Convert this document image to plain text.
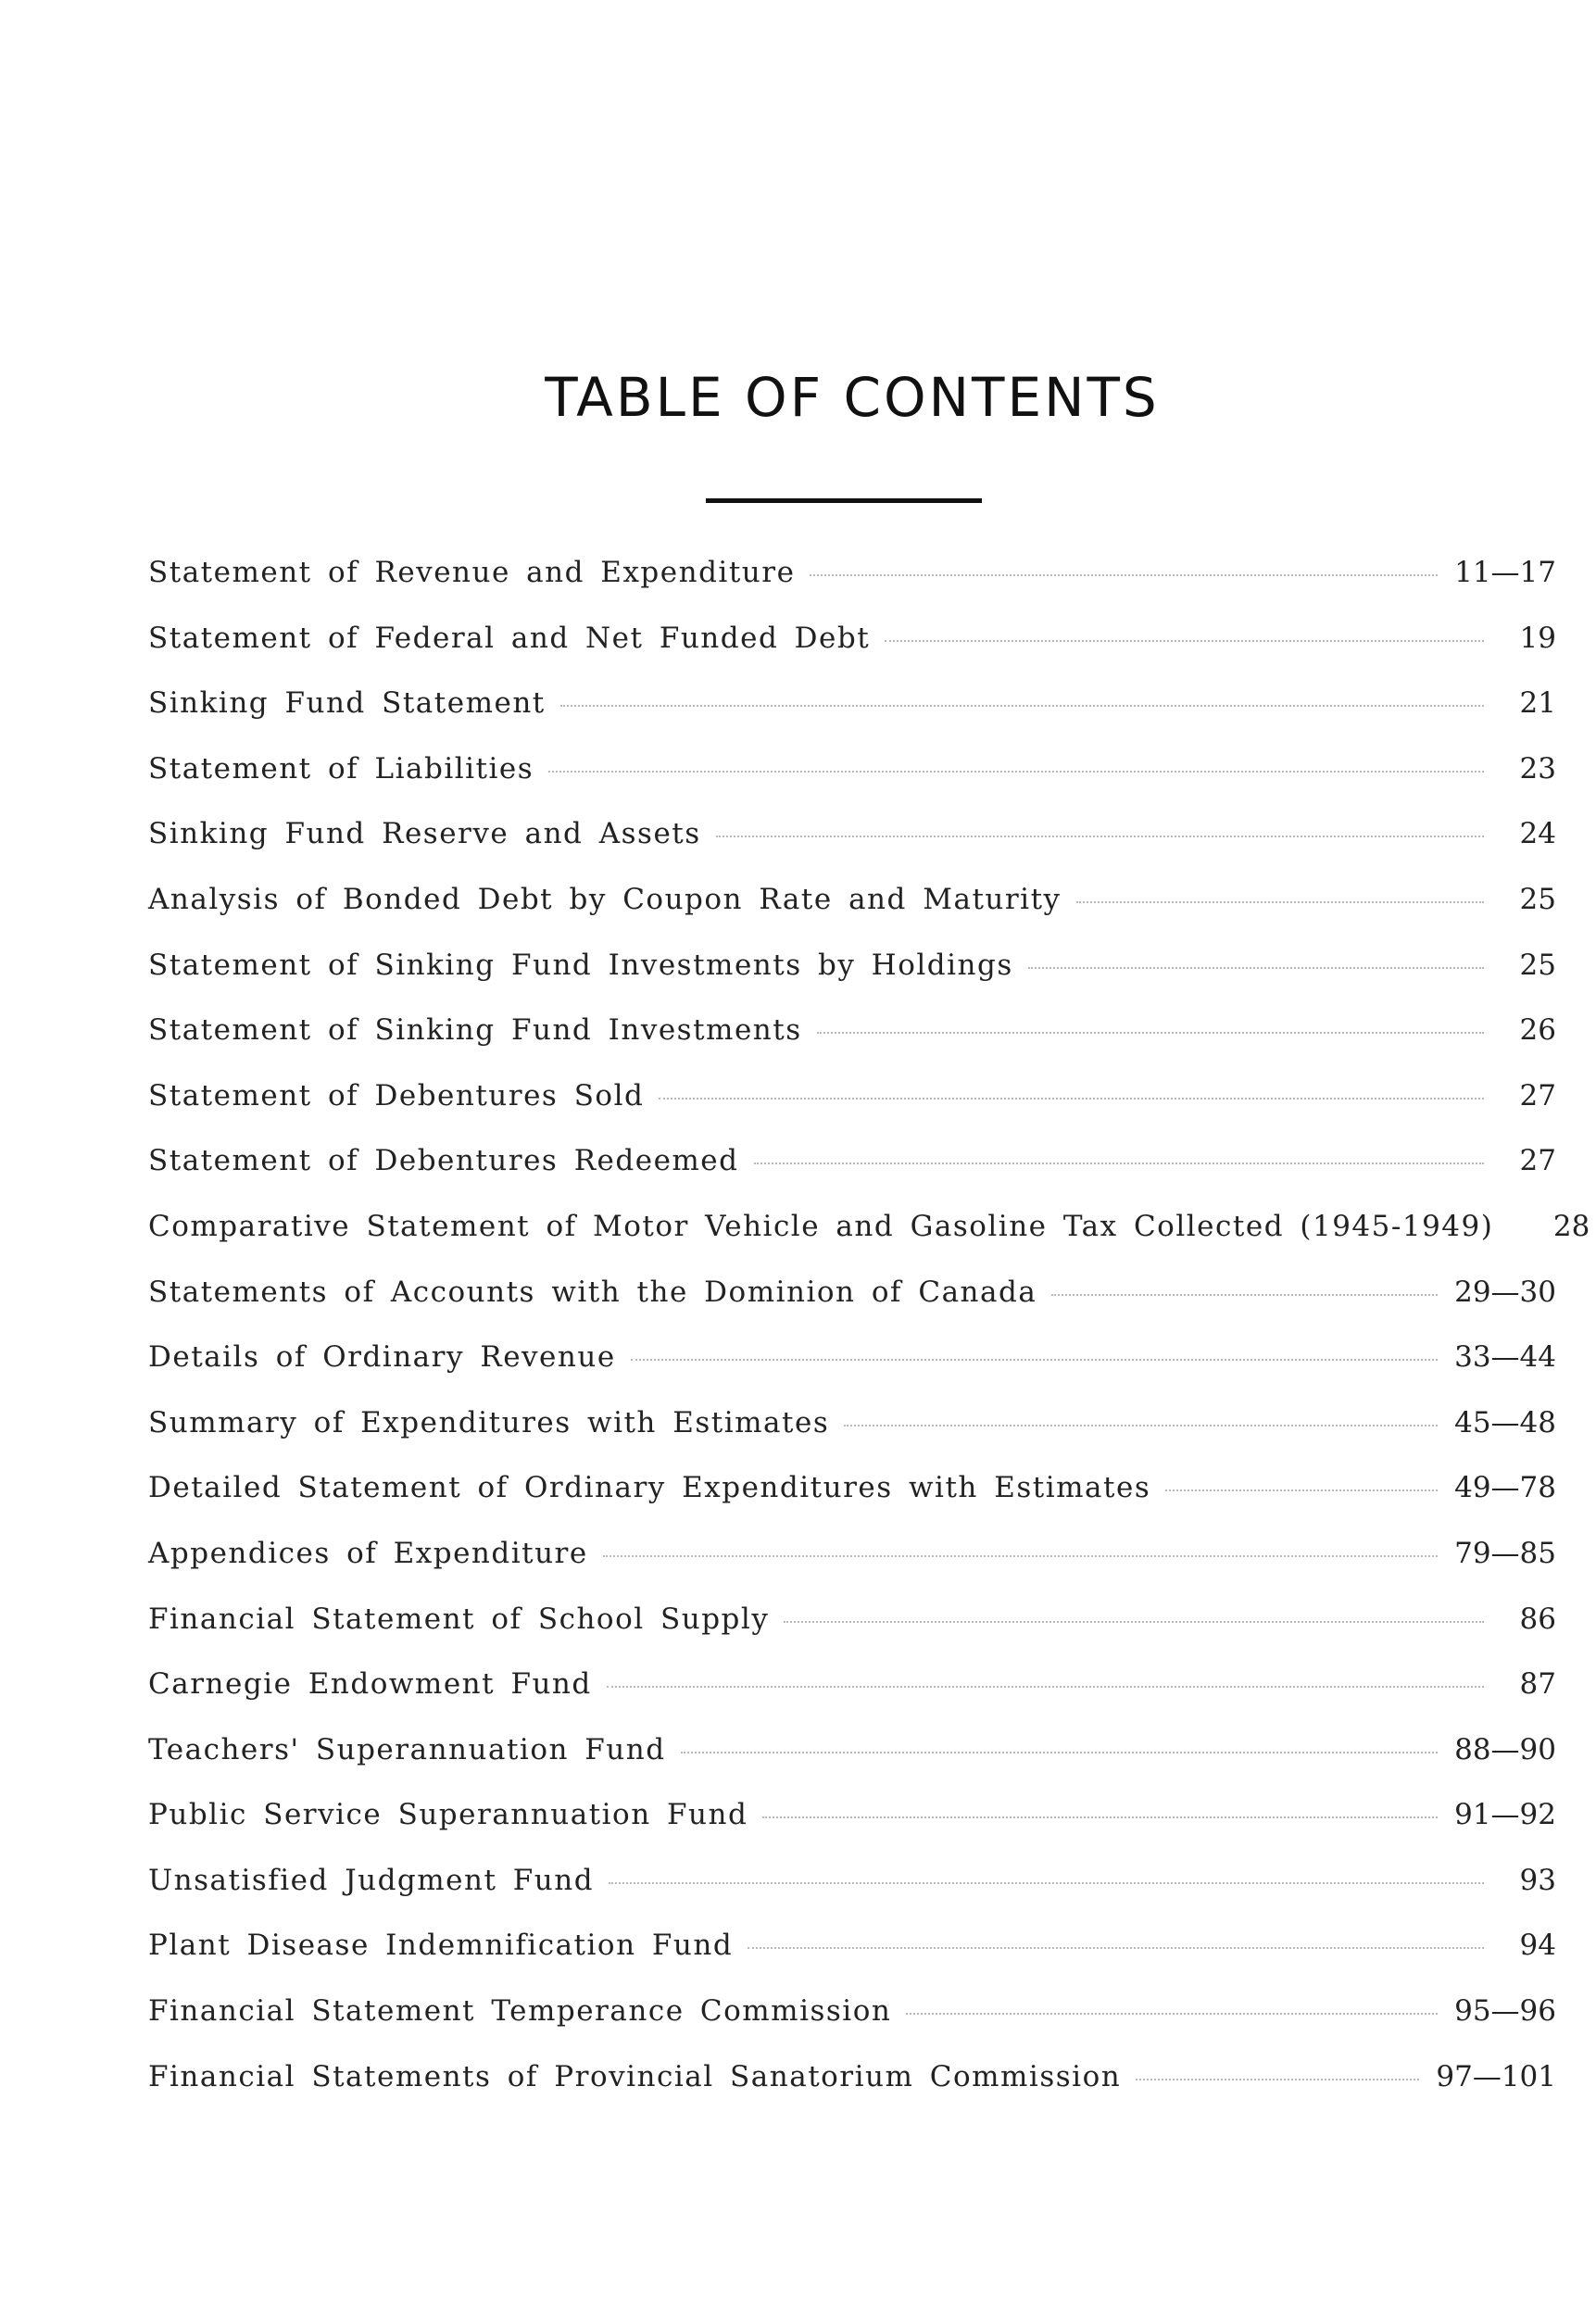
TABLE OF CONTENTS
Statement of Revenue and Expenditure	11—17
Statement of Federal and Net Funded Debt	19
Sinking Fund Statement	21
Statement of Liabilities	23
Sinking Fund Reserve and Assets	24
Analysis of Bonded Debt by Coupon Rate and Maturity	25
Statement of Sinking Fund Investments by Holdings	25
Statement of Sinking Fund Investments	26
Statement of Debentures Sold	27
Statement of Debentures Redeemed	27
Comparative Statement of Motor Vehicle and Gasoline Tax Collected (1945-1949)	28
Statements of Accounts with the Dominion of Canada	29—30
Details of Ordinary Revenue	33—44
Summary of Expenditures with Estimates	45—48
Detailed Statement of Ordinary Expenditures with Estimates	49—78
Appendices of Expenditure	79—85
Financial Statement of School Supply	86
Carnegie Endowment Fund	87
Teachers' Superannuation Fund	88—90
Public Service Superannuation Fund	91—92
Unsatisfied Judgment Fund	93
Plant Disease Indemnification Fund	94
Financial Statement Temperance Commission	95—96
Financial Statements of Provincial Sanatorium Commission	97—101
